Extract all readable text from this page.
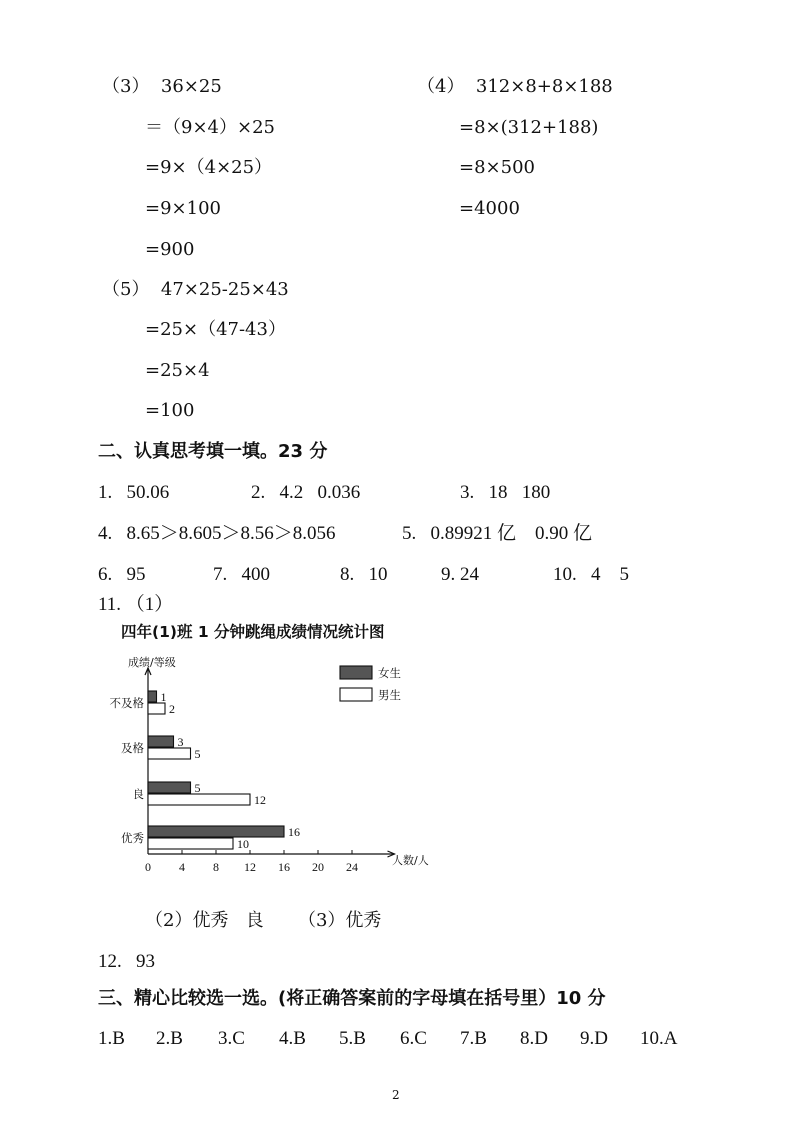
（3）  36×25
＝（9×4）×25
=9×（4×25）
=9×100
=900
（4）  312×8+8×188
=8×(312+188)
=8×500
=4000
（5）  47×25-25×43
=25×（47-43）
=25×4
=100
二、认真思考填一填。23 分
1.   50.06	2.   4.2   0.036	3.   18   180
4.   8.65＞8.605＞8.56＞8.056	5.   0.89921 亿    0.90 亿
6.   95	7.   400	8.   10	9. 24	10.   4    5
11. （1）
四年(1)班 1 分钟跳绳成绩情况统计图
成绩/等级
人数/人
女生
男生
0 4 8 12 16 20 24
不及格
及格
良
优秀
1
3
5
16
2
5
12
10
（2）优秀   良      （3）优秀
12.   93
三、精心比较选一选。(将正确答案前的字母填在括号里）10 分
1.B 2.B 3.C 4.B 5.B 6.C 7.B 8.D 9.D 10.A
2
